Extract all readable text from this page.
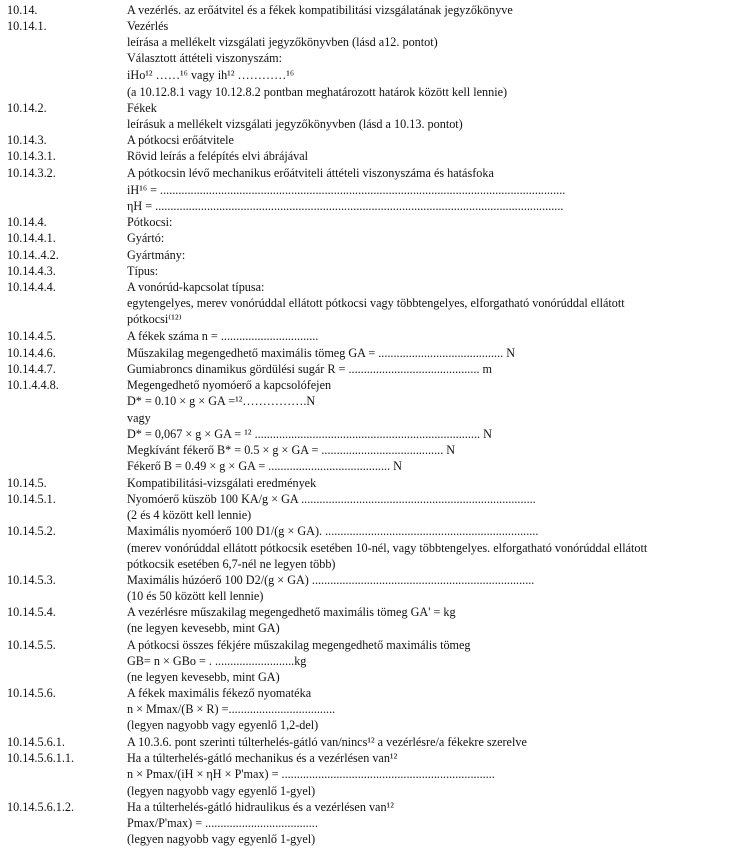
10.14.	A vezérlés. az erőátvitel és a fékek kompatibilitási vizsgálatának jegyzőkönyve
10.14.1.	Vezérlés
leírása a mellékelt vizsgálati jegyzőkönyvben (lásd a12. pontot)
Választott áttételi viszonyszám:
iHo¹² ……¹⁶ vagy ih¹² …………¹⁶
(a 10.12.8.1 vagy 10.12.8.2 pontban meghatározott határok között kell lennie)
10.14.2.	Fékek
leírásuk a mellékelt vizsgálati jegyzőkönyvben (lásd a 10.13. pontot)
10.14.3.	A pótkocsi erőátvitele
10.14.3.1.	Rövid leírás a felépítés elvi ábrájával
10.14.3.2.	A pótkocsin lévő mechanikus erőátviteli áttételi viszonyszáma és hatásfoka
iH¹⁶ = .....................................................................................................................................
ηH = ......................................................................................................................................
10.14.4.	Pótkocsi:
10.14.4.1.	Gyártó:
10.14..4.2.	Gyártmány:
10.14.4.3.	Típus:
10.14.4.4.	A vonórúd-kapcsolat típusa:
egytengelyes, merev vonórúddal ellátott pótkocsi vagy többtengelyes, elforgatható vonórúddal ellátott
pótkocsi⁽¹²⁾
10.14.4.5.	A fékek száma n = ................................
10.14.4.6.	Műszakilag megengedhető maximális tömeg GA = ......................................... N
10.14.4.7.	Gumiabroncs dinamikus gördülési sugár R = ........................................... m
10.1.4.4.8.	Megengedhető nyomóerő a kapcsolófejen
D* = 0.10 × g × GA =¹²…………….N
vagy
D* = 0,067 × g × GA = ¹² .......................................................................... N
Megkívánt fékerő B* = 0.5 × g × GA = ........................................ N
Fékerő B = 0.49 × g × GA = ........................................ N
10.14.5.	Kompatibilitási-vizsgálati eredmények
10.14.5.1.	Nyomóerő küszöb 100 KA/g × GA .............................................................................
(2 és 4 között kell lennie)
10.14.5.2.	Maximális nyomóerő 100 D1/(g × GA). ......................................................................
(merev vonórúddal ellátott pótkocsik esetében 10-nél, vagy többtengelyes. elforgatható vonórúddal ellátott
pótkocsik esetében 6,7-nél ne legyen több)
10.14.5.3.	Maximális húzóerő 100 D2/(g × GA) .........................................................................
(10 és 50 között kell lennie)
10.14.5.4.	A vezérlésre műszakilag megengedhető maximális tömeg GA' = kg
(ne legyen kevesebb, mint GA)
10.14.5.5.	A pótkocsi összes fékjére műszakilag megengedhető maximális tömeg
GB= n × GBo = . ..........................kg
(ne legyen kevesebb, mint GA)
10.14.5.6.	A fékek maximális fékező nyomatéka
n × Mmax/(B × R) =...................................
(legyen nagyobb vagy egyenlő 1,2-del)
10.14.5.6.1.	A 10.3.6. pont szerinti túlterhelés-gátló van/nincs¹² a vezérlésre/a fékekre szerelve
10.14.5.6.1.1.	Ha a túlterhelés-gátló mechanikus és a vezérlésen van¹²
n × Pmax/(iH × ηH × P'max) = ......................................................................
(legyen nagyobb vagy egyenlő 1-gyel)
10.14.5.6.1.2.	Ha a túlterhelés-gátló hidraulikus és a vezérlésen van¹²
Pmax/P'max) = .....................................
(legyen nagyobb vagy egyenlő 1-gyel)
